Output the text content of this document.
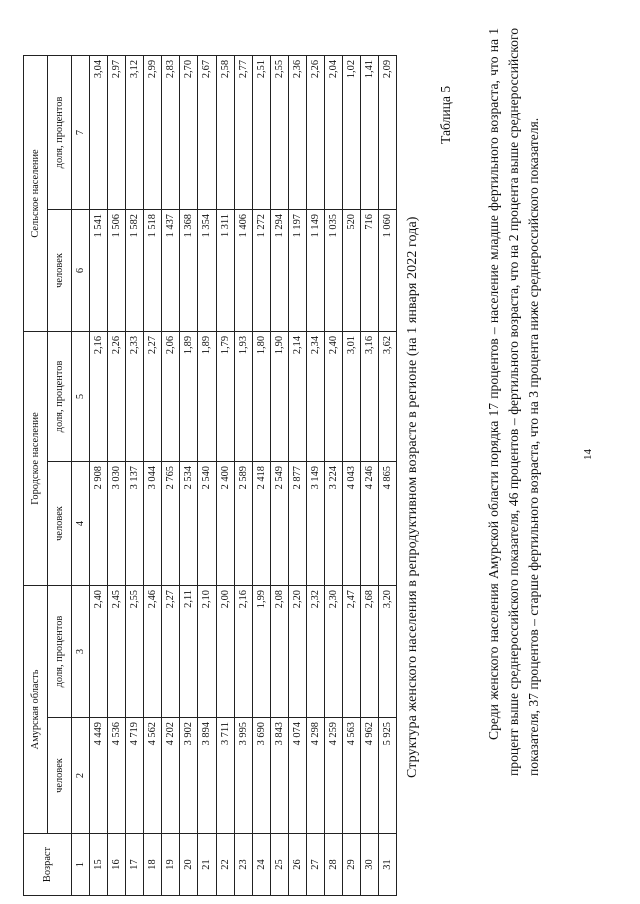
14

Среди женского населения Амурской области порядка 17 процентов – население младше фертильного возраста, что на 1 процент выше среднероссийского показателя, 46 процентов – фертильного возраста, что на 2 процента выше среднероссийского показателя, 37 процентов – старше фертильного возраста, что на 3 процента ниже среднероссийского показателя.

Таблица 5
Структура женского населения в репродуктивном возрасте в регионе (на 1 января 2022 года)
Возраст	Амурская область		Городское население		Сельское население	
	человек	доля, процентов	человек	доля, процентов	человек	доля, процентов
1	2	3	4	5	6	7
15	4 449	2,40	2 908	2,16	1 541	3,04
16	4 536	2,45	3 030	2,26	1 506	2,97
17	4 719	2,55	3 137	2,33	1 582	3,12
18	4 562	2,46	3 044	2,27	1 518	2,99
19	4 202	2,27	2 765	2,06	1 437	2,83
20	3 902	2,11	2 534	1,89	1 368	2,70
21	3 894	2,10	2 540	1,89	1 354	2,67
22	3 711	2,00	2 400	1,79	1 311	2,58
23	3 995	2,16	2 589	1,93	1 406	2,77
24	3 690	1,99	2 418	1,80	1 272	2,51
25	3 843	2,08	2 549	1,90	1 294	2,55
26	4 074	2,20	2 877	2,14	1 197	2,36
27	4 298	2,32	3 149	2,34	1 149	2,26
28	4 259	2,30	3 224	2,40	1 035	2,04
29	4 563	2,47	4 043	3,01	520	1,02
30	4 962	2,68	4 246	3,16	716	1,41
31	5 925	3,20	4 865	3,62	1 060	2,09
